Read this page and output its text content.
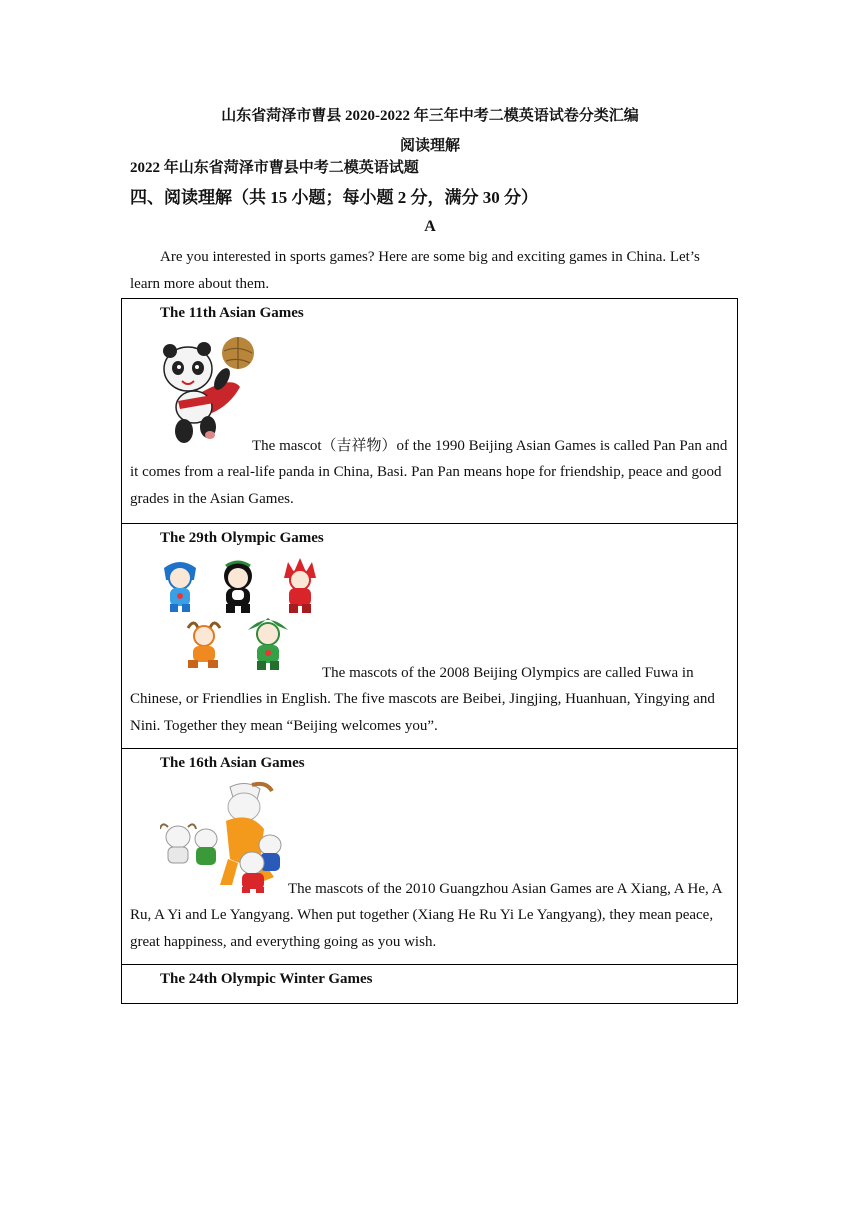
山东省菏泽市曹县 2020-2022 年三年中考二模英语试卷分类汇编
阅读理解
2022 年山东省菏泽市曹县中考二模英语试题
四、阅读理解（共 15 小题；每小题 2 分，满分 30 分）
A
Are you interested in sports games? Here are some big and exciting games in China. Let’s learn more about them.
The 11th Asian Games
The mascot（吉祥物）of the 1990 Beijing Asian Games is called Pan Pan and
it comes from a real-life panda in China, Basi. Pan Pan means hope for friendship, peace and good grades in the Asian Games.
The 29th Olympic Games
The mascots of the 2008 Beijing Olympics are called Fuwa in
Chinese, or Friendlies in English. The five mascots are Beibei, Jingjing, Huanhuan, Yingying and Nini. Together they mean “Beijing welcomes you”.
The 16th Asian Games
The mascots of the 2010 Guangzhou Asian Games are A Xiang, A He, A
Ru, A Yi and Le Yangyang. When put together (Xiang He Ru Yi Le Yangyang), they mean peace, great happiness, and everything going as you wish.
The 24th Olympic Winter Games
